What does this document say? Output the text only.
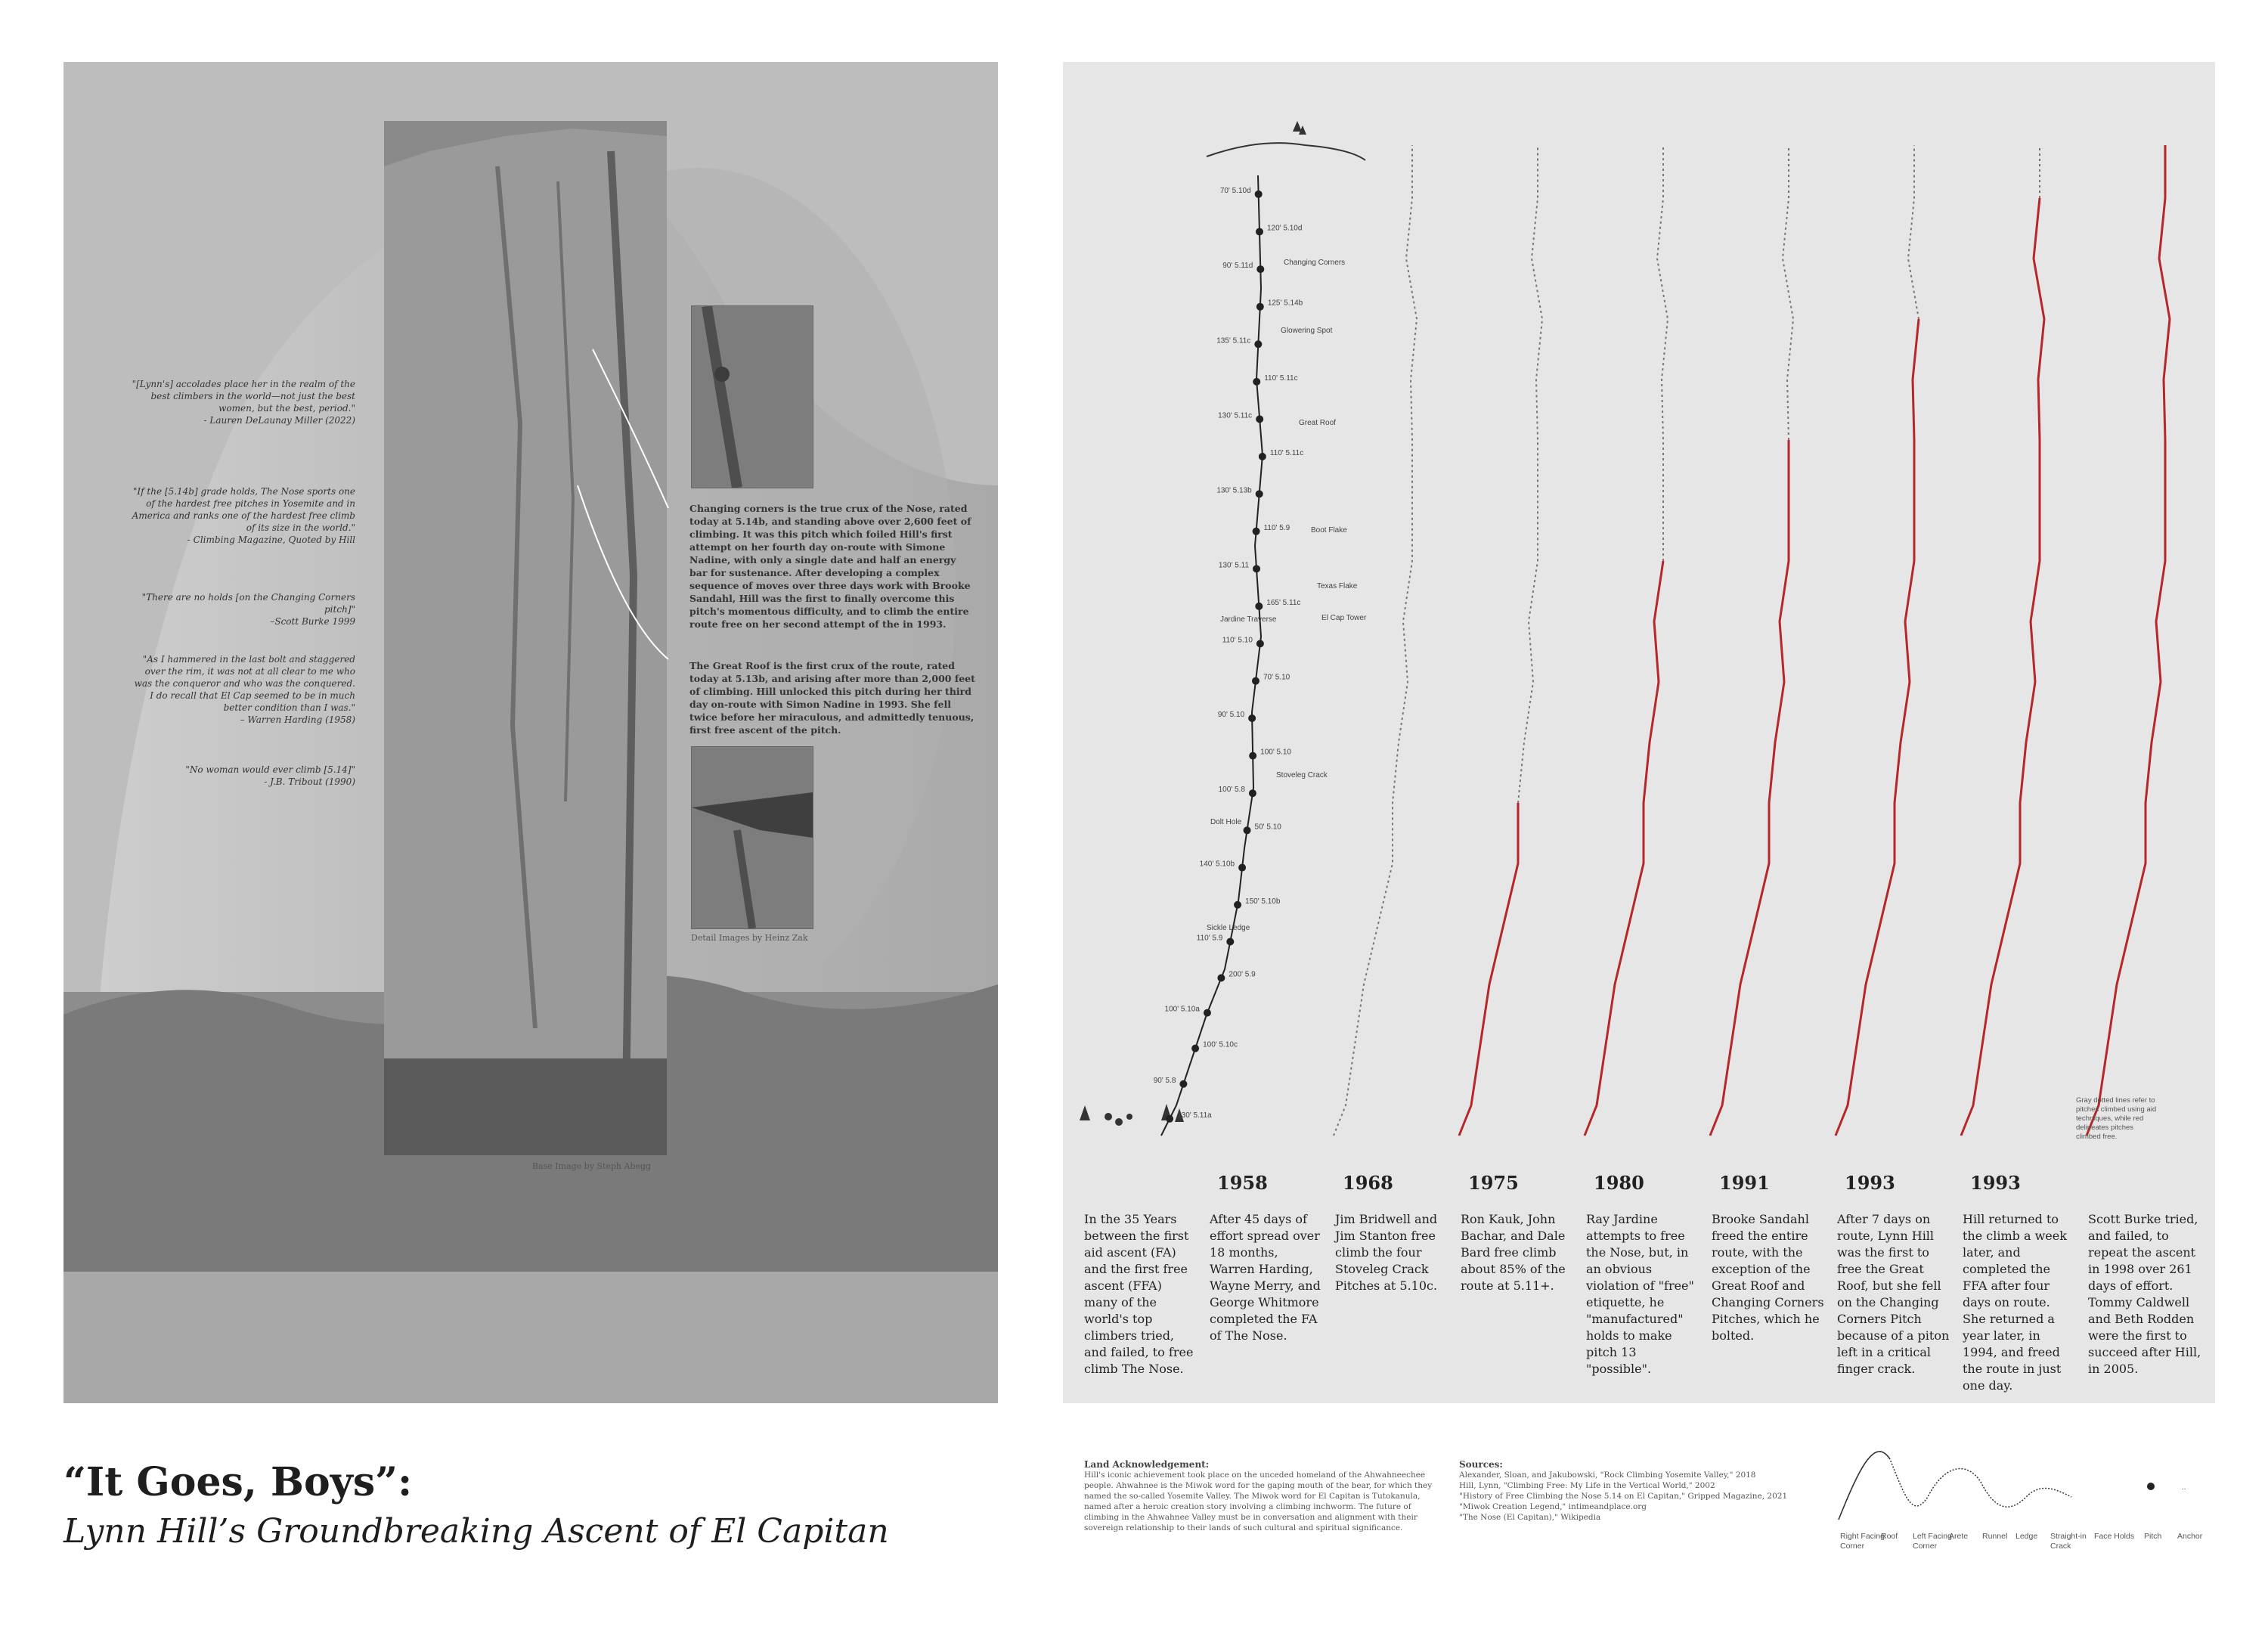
"[Lynn's] accolades place her in the realm of the best climbers in the world—not just the best women, but the best, period."
- Lauren DeLaunay Miller (2022)
"If the [5.14b] grade holds, The Nose sports one of the hardest free pitches in Yosemite and in America and ranks one of the hardest free climb of its size in the world."
- Climbing Magazine, Quoted by Hill
"There are no holds [on the Changing Corners pitch]"
–Scott Burke 1999
"As I hammered in the last bolt and staggered over the rim, it was not at all clear to me who was the conqueror and who was the conquered. I do recall that El Cap seemed to be in much better condition than I was."
– Warren Harding (1958)
"No woman would ever climb [5.14]"
- J.B. Tribout (1990)
Changing corners is the true crux of the Nose, rated today at 5.14b, and standing above over 2,600 feet of climbing. It was this pitch which foiled Hill's first attempt on her fourth day on-route with Simone Nadine, with only a single date and half an energy bar for sustenance. After developing a complex sequence of moves over three days work with Brooke Sandahl, Hill was the first to finally overcome this pitch's momentous difficulty, and to climb the entire route free on her second attempt of the in 1993.
The Great Roof is the first crux of the route, rated today at 5.13b, and arising after more than 2,000 feet of climbing. Hill unlocked this pitch during her third day on-route with Simon Nadine in 1993. She fell twice before her miraculous, and admittedly tenuous, first free ascent of the pitch.
Detail Images by Heinz Zak
Base Image by Steph Abegg
70' 5.10d
120' 5.10d
90' 5.11d
125' 5.14b
135' 5.11c
110' 5.11c
130' 5.11c
110' 5.11c
130' 5.13b
110' 5.9
130' 5.11
165' 5.11c
110' 5.10
70' 5.10
90' 5.10
100' 5.10
100' 5.8
50' 5.10
140' 5.10b
150' 5.10b
110' 5.9
200' 5.9
100' 5.10a
100' 5.10c
90' 5.8
130' 5.11a
Changing Corners
Glowering Spot
Great Roof
Boot Flake
Texas Flake
El Cap Tower
Jardine Traverse
Stoveleg Crack
Dolt Hole
Sickle Ledge
Gray dotted lines refer to pitches climbed using aid techniques, while red delineates pitches climbed free.
In the 35 Years between the first aid ascent (FA) and the first free ascent (FFA) many of the world's top climbers tried, and failed, to free climb The Nose.
1958
After 45 days of effort spread over 18 months, Warren Harding, Wayne Merry, and George Whitmore completed the FA of The Nose.
1968
Jim Bridwell and Jim Stanton free climb the four Stoveleg Crack Pitches at 5.10c.
1975
Ron Kauk, John Bachar, and Dale Bard free climb about 85% of the route at 5.11+.
1980
Ray Jardine attempts to free the Nose, but, in an obvious violation of "free" etiquette, he "manufactured" holds to make pitch 13 "possible".
1991
Brooke Sandahl freed the entire route, with the exception of the Great Roof and Changing Corners Pitches, which he bolted.
1993
After 7 days on route, Lynn Hill was the first to free the Great Roof, but she fell on the Changing Corners Pitch because of a piton left in a critical finger crack.
1993
Hill returned to the climb a week later, and completed the FFA after four days on route. She returned a year later, in 1994, and freed the route in just one day.
Scott Burke tried, and failed, to repeat the ascent in 1998 over 261 days of effort. Tommy Caldwell and Beth Rodden were the first to succeed after Hill, in 2005.
“It Goes, Boys”:
Lynn Hill’s Groundbreaking Ascent of El Capitan
Land Acknowledgement:
Hill's iconic achievement took place on the unceded homeland of the Ahwahneechee people. Ahwahnee is the Miwok word for the gaping mouth of the bear, for which they named the so-called Yosemite Valley. The Miwok word for El Capitan is Tutokanula, named after a heroic creation story involving a climbing inchworm. The future of climbing in the Ahwahnee Valley must be in conversation and alignment with their sovereign relationship to their lands of such cultural and spiritual significance.
Sources:
Alexander, Sloan, and Jakubowski, "Rock Climbing Yosemite Valley," 2018
Hill, Lynn, "Climbing Free: My Life in the Vertical World," 2002
"History of Free Climbing the Nose 5.14 on El Capitan," Gripped Magazine, 2021
"Miwok Creation Legend," intimeandplace.org
"The Nose (El Capitan)," Wikipedia
..
Right Facing Corner
Roof	Left Facing Corner
Arete	Runnel	Ledge	Straight-in Crack
Face Holds	Pitch	Anchor
